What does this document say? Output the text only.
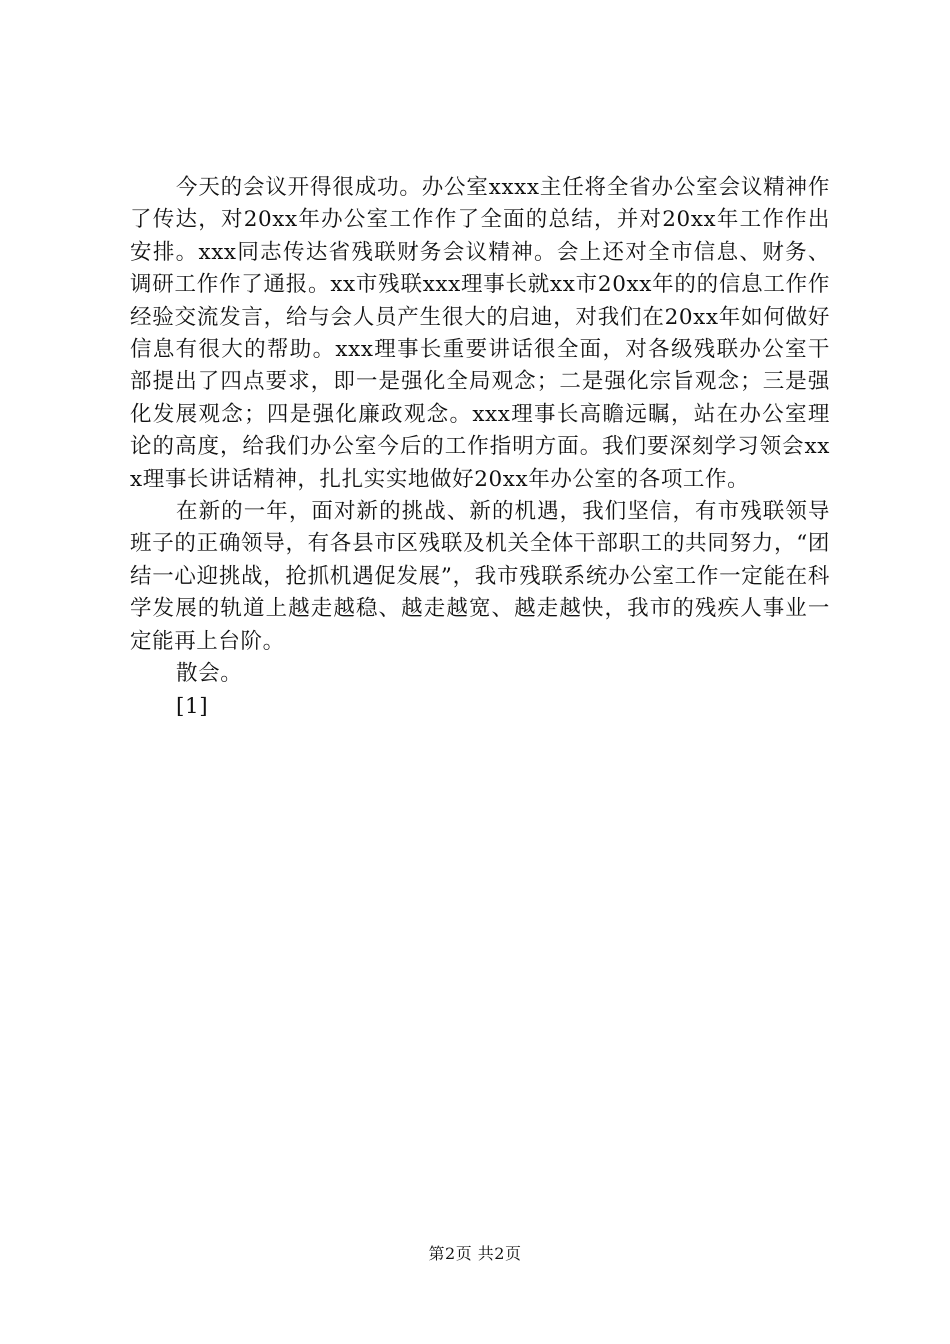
今天的会议开得很成功。办公室xxxx主任将全省办公室会议精神作了传达，对20xx年办公室工作作了全面的总结，并对20xx年工作作出安排。xxx同志传达省残联财务会议精神。会上还对全市信息、财务、调研工作作了通报。xx市残联xxx理事长就xx市20xx年的的信息工作作经验交流发言，给与会人员产生很大的启迪，对我们在20xx年如何做好信息有很大的帮助。xxx理事长重要讲话很全面，对各级残联办公室干部提出了四点要求，即一是强化全局观念；二是强化宗旨观念；三是强化发展观念；四是强化廉政观念。xxx理事长高瞻远瞩，站在办公室理论的高度，给我们办公室今后的工作指明方面。我们要深刻学习领会xxx理事长讲话精神，扎扎实实地做好20xx年办公室的各项工作。

在新的一年，面对新的挑战、新的机遇，我们坚信，有市残联领导班子的正确领导，有各县市区残联及机关全体干部职工的共同努力，“团结一心迎挑战，抢抓机遇促发展”，我市残联系统办公室工作一定能在科学发展的轨道上越走越稳、越走越宽、越走越快，我市的残疾人事业一定能再上台阶。

散会。

[1]

第2页 共2页
